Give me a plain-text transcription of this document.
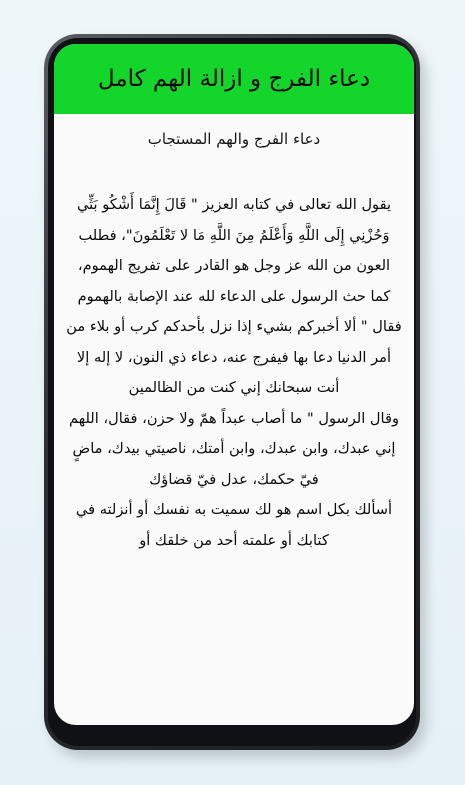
دعاء الفرج و ازالة الهم كامل
دعاء الفرج والهم المستجاب

يقول الله تعالى في كتابه العزيز " قَالَ إِنَّمَا أَشْكُو بَثِّي وَحُزْنِي إِلَى اللَّهِ وَأَعْلَمُ مِنَ اللَّهِ مَا لا تَعْلَمُونَ"، فطلب العون من الله عز وجل هو القادر على تفريج الهموم، كما حث الرسول على الدعاء لله عند الإصابة بالهموم فقال " ألا أخبركم بشيء إذا نزل بأحدكم كرب أو بلاء من أمر الدنيا دعا بها فيفرج عنه، دعاء ذي النون، لا إله إلا أنت سبحانك إني كنت من الظالمين

وقال الرسول " ما أصاب عبداً همّ ولا حزن، فقال، اللهم إني عبدك، وابن عبدك، وابن أمتك، ناصيتي بيدك، ماضٍ فيّ حكمك، عدل فيّ قضاؤك

أسألك بكل اسم هو لك سميت به نفسك أو أنزلته في كتابك أو علمته أحد من خلقك أو
